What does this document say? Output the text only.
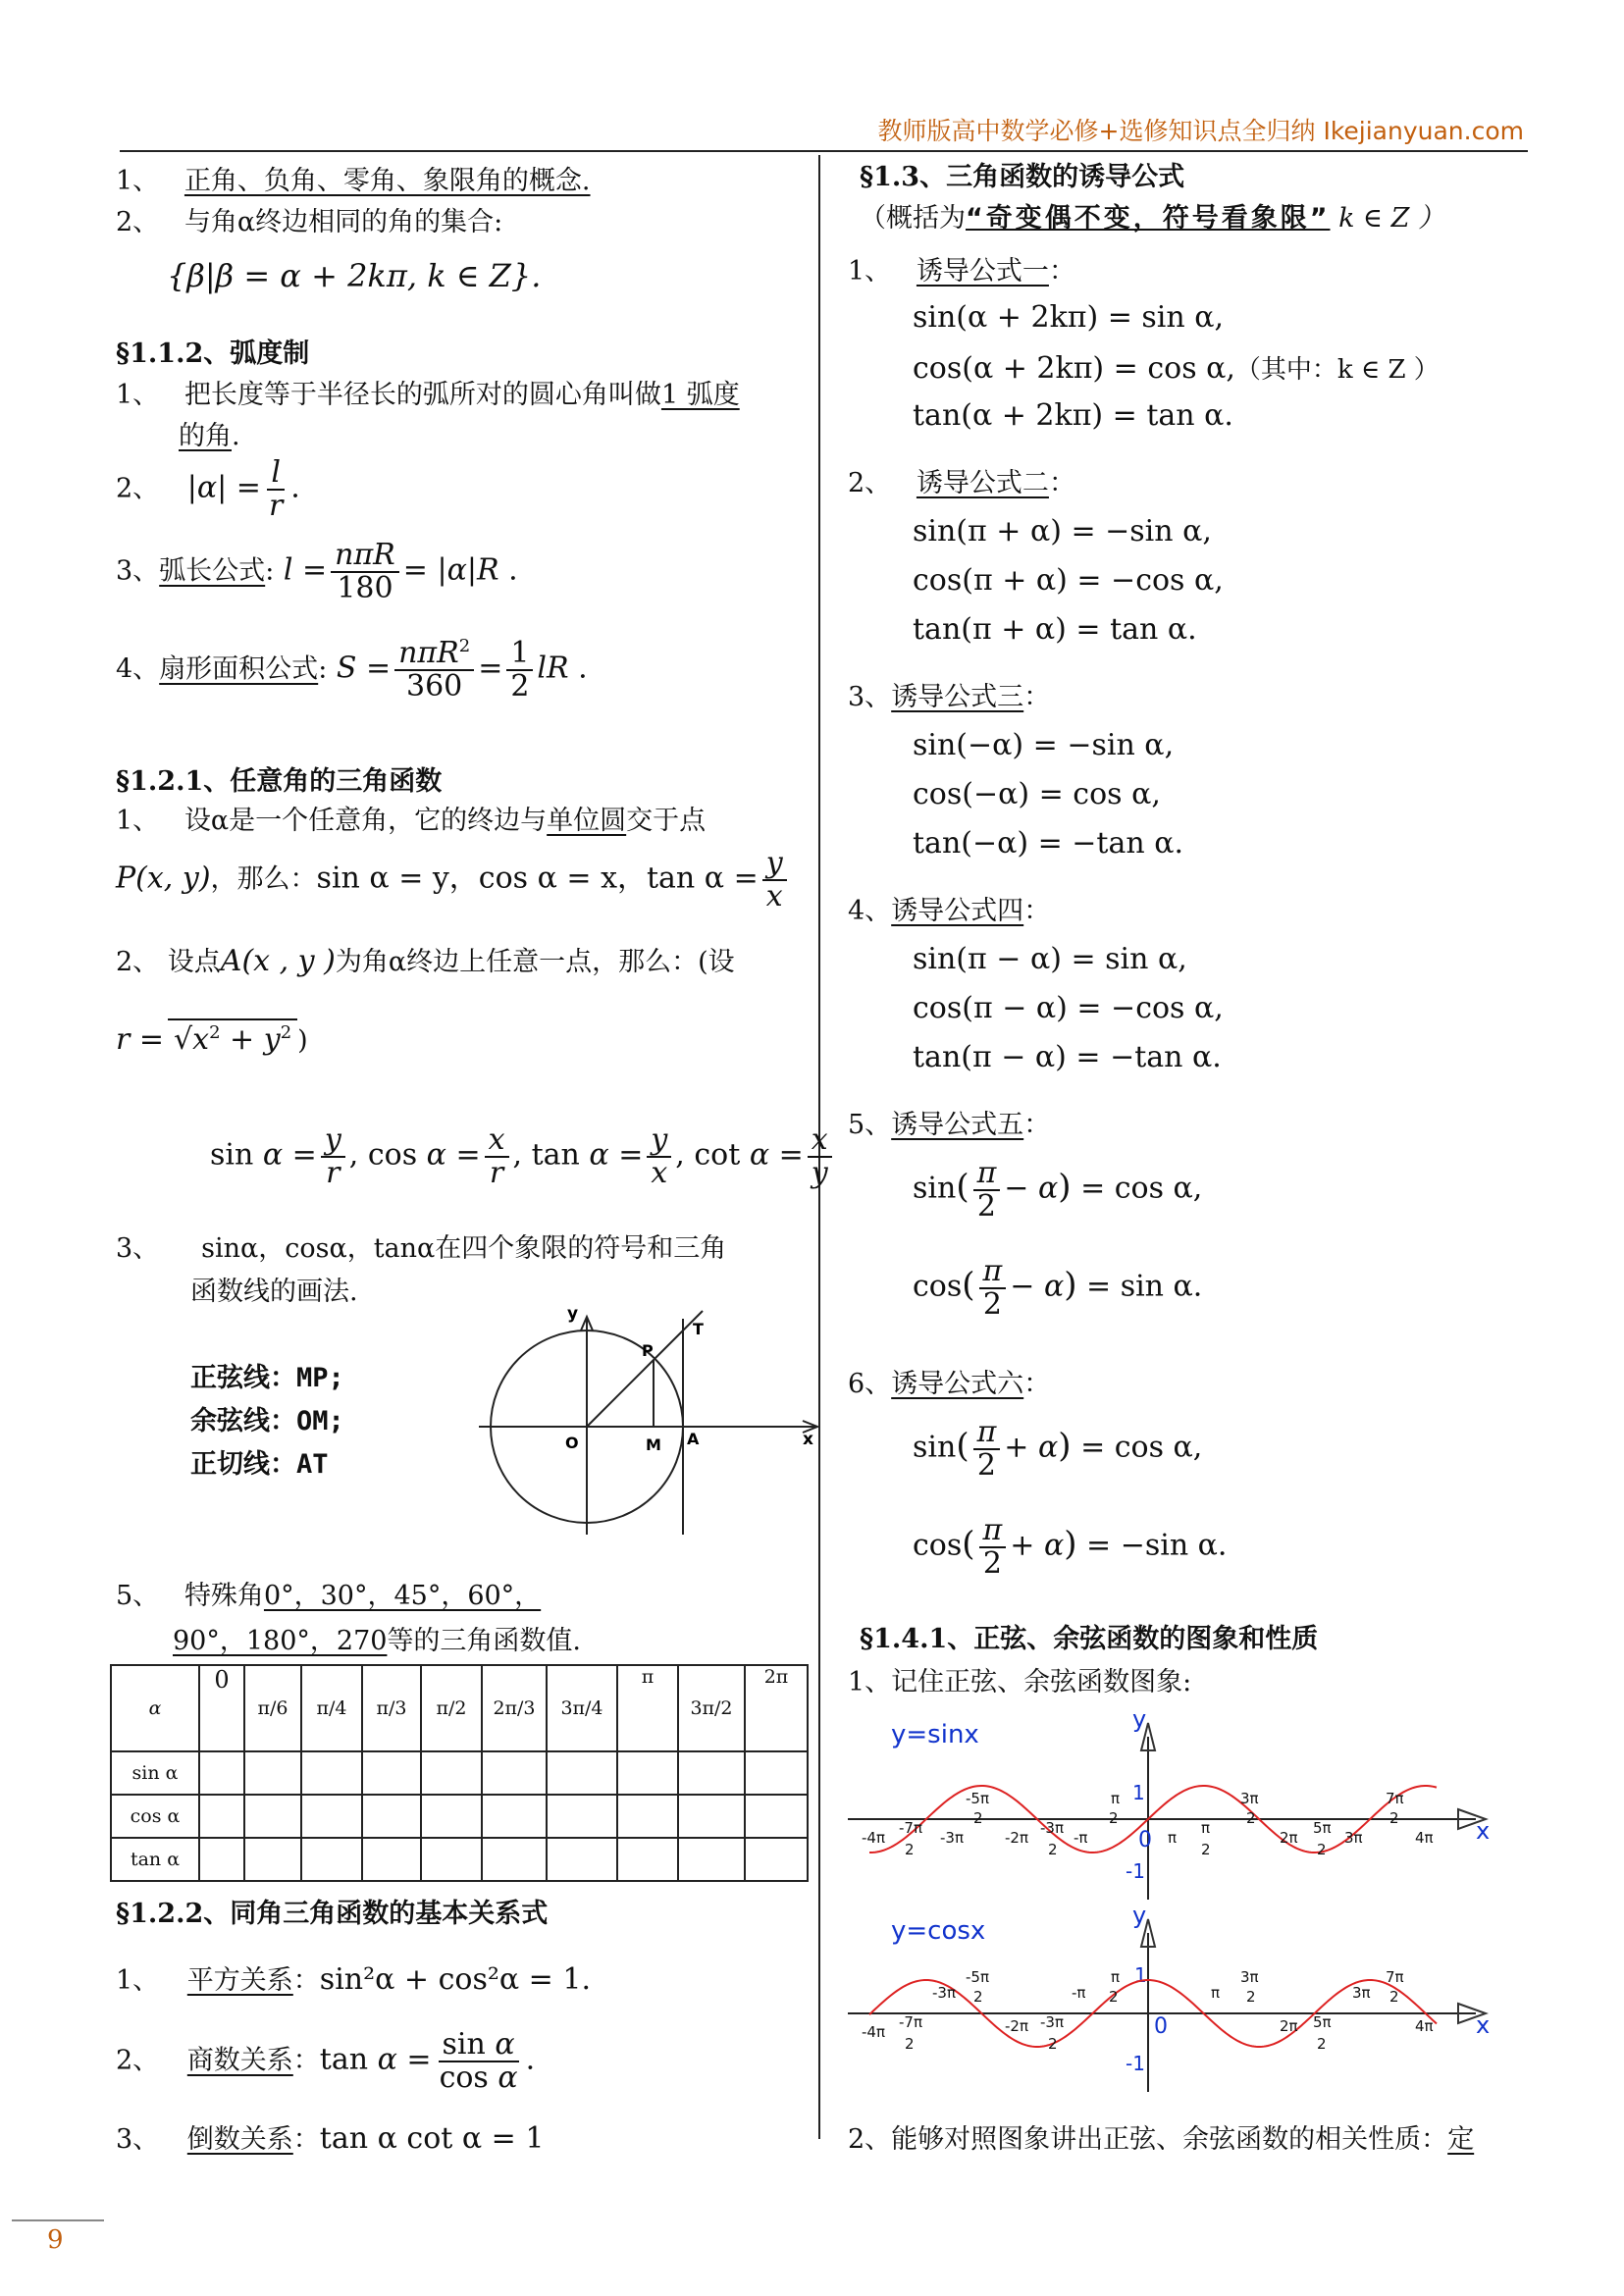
教师版高中数学必修+选修知识点全归纳 Ikejianyuan.com
1、 正角、负角、零角、象限角的概念.
2、 与角α终边相同的角的集合:
{β|β = α + 2kπ, k ∈ Z}.
§1.1.2、弧度制
1、 把长度等于半径长的弧所对的圆心角叫做1 弧度
的角.
2、 $|\alpha| = \frac{l}{r}$ .
3、弧长公式: $l = \frac{\text{nπR}}{180} = |\alpha|R$ .
4、扇形面积公式: $S = \frac{n\pi R^2}{360} = \frac{1}{2}$ lR .
§1.2.1、任意角的三角函数
1、 设α是一个任意角，它的终边与单位圆交于点
P(x, y)，那么：sin α = y，cos α = x，$\tan \alpha = \frac{y}{x}$
2、 设点A(x , y )为角α终边上任意一点，那么：(设
$r = √x^2 + y^2$ )
$\sin \alpha = \frac{y}{r}$ , $\cos \alpha = \frac{x}{r}$ , $\tan \alpha = \frac{y}{x}$ , $\cot \alpha = \frac{x}{y}$
3、 sinα，cosα，tanα在四个象限的符号和三角
函数线的画法.
正弦线：MP;
余弦线：OM;
正切线：AT
y
x
O	M A
P
T
5、 特殊角0°，30°，45°，60°，
90°，180°，270等的三角函数值.
α	0	π/6	π/4	π/3	π/2	2π/3	3π/4	π	3π/2	2π
sin α										
cos α										
tan α										
§1.2.2、同角三角函数的基本关系式
1、 平方关系：sin²α + cos²α = 1.
2、 商数关系：$\tan \alpha = \frac{\text{sin α}}{\text{cos α}}$ .
3、 倒数关系：tan α cot α = 1
§1.3、三角函数的诱导公式
（概括为“奇变偶不变，符号看象限” k ∈ Z ）
1、 诱导公式一：
sin(α + 2kπ) = sin α,
cos(α + 2kπ) = cos α,（其中：k ∈ Z ）
tan(α + 2kπ) = tan α.
2、 诱导公式二：
sin(π + α) = −sin α,
cos(π + α) = −cos α,
tan(π + α) = tan α.
3、诱导公式三：
sin(−α) = −sin α,
cos(−α) = cos α,
tan(−α) = −tan α.
4、诱导公式四：
sin(π − α) = sin α,
cos(π − α) = −cos α,
tan(π − α) = −tan α.
5、诱导公式五：
$\sin( \frac{\pi}{2} - \alpha) = \cos \alpha$,
$\cos( \frac{\pi}{2} - \alpha) = \sin \alpha$.
6、诱导公式六：
$\sin( \frac{\pi}{2} + \alpha) = \cos \alpha$,
$\cos( \frac{\pi}{2} + \alpha) = -\sin$ α.
§1.4.1、正弦、余弦函数的图象和性质
1、记住正弦、余弦函数图象:
y=sinx
x
y
0
1
-1
-4π
-7π
2
-3π
-5π
2
-2π
-3π
2
-π
π
2
π
π
2
3π
2
2π
5π
2
3π
7π
2
4π
y=cosx
x
y
0
1
-1
-4π
-7π
2
-3π
-5π
2
-2π -3π
2
-π
π
2	π
3π
2
2π 5π
2
3π
7π
2
4π
2、能够对照图象讲出正弦、余弦函数的相关性质：定
9
